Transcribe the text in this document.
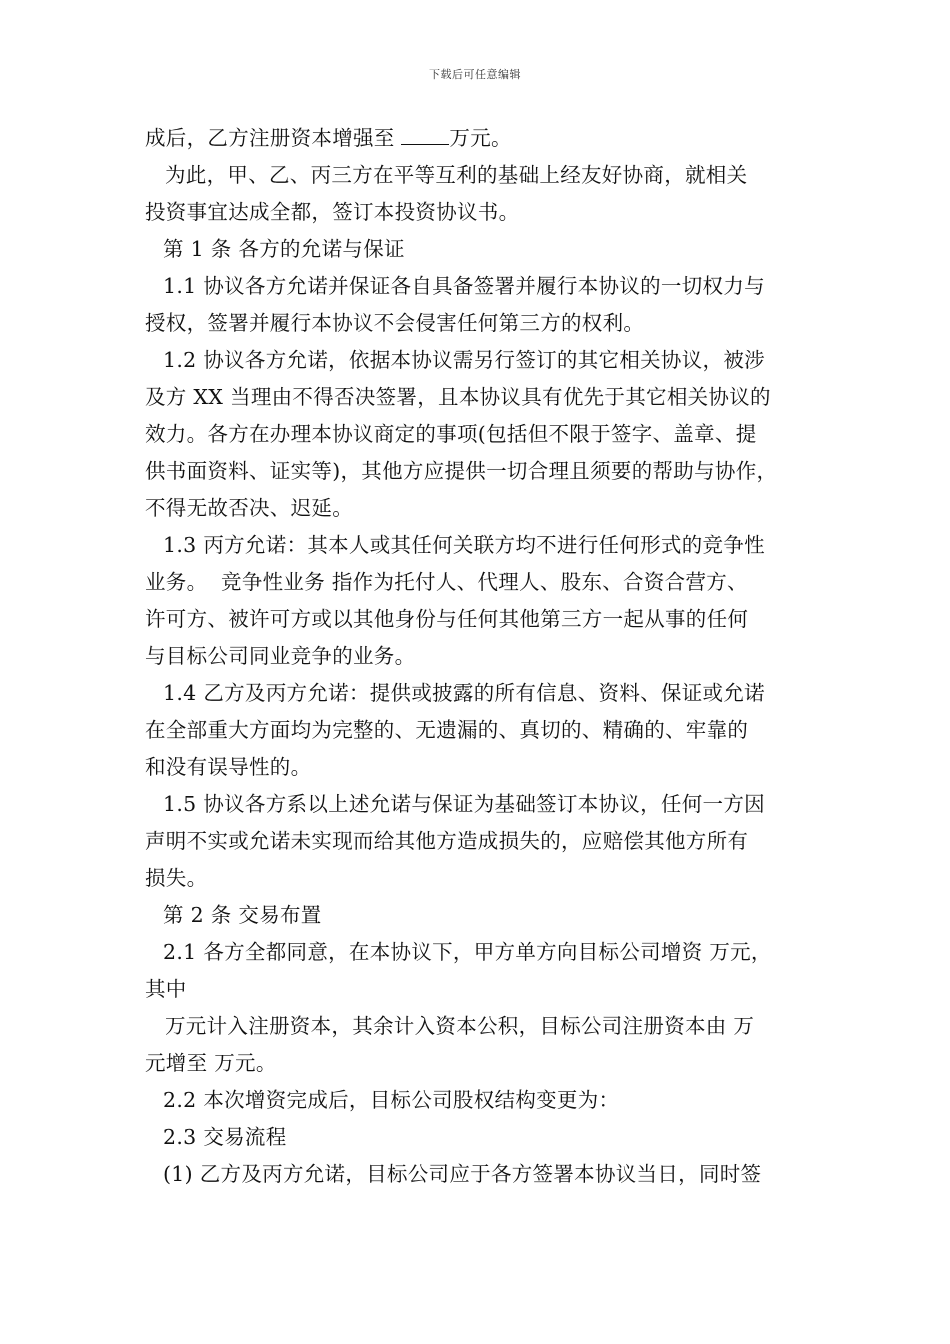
下载后可任意编辑
成后，乙方注册资本增强至 万元。
为此，甲、乙、丙三方在平等互利的基础上经友好协商，就相关
投资事宜达成全都，签订本投资协议书。
第 1 条 各方的允诺与保证
1.1 协议各方允诺并保证各自具备签署并履行本协议的一切权力与
授权，签署并履行本协议不会侵害任何第三方的权利。
1.2 协议各方允诺，依据本协议需另行签订的其它相关协议，被涉
及方 XX 当理由不得否决签署，且本协议具有优先于其它相关协议的
效力。各方在办理本协议商定的事项(包括但不限于签字、盖章、提
供书面资料、证实等)，其他方应提供一切合理且须要的帮助与协作，
不得无故否决、迟延。
1.3 丙方允诺：其本人或其任何关联方均不进行任何形式的竞争性
业务。  竞争性业务 指作为托付人、代理人、股东、合资合营方、
许可方、被许可方或以其他身份与任何其他第三方一起从事的任何
与目标公司同业竞争的业务。
1.4 乙方及丙方允诺：提供或披露的所有信息、资料、保证或允诺
在全部重大方面均为完整的、无遗漏的、真切的、精确的、牢靠的
和没有误导性的。
1.5 协议各方系以上述允诺与保证为基础签订本协议，任何一方因
声明不实或允诺未实现而给其他方造成损失的，应赔偿其他方所有
损失。
第 2 条 交易布置
2.1 各方全都同意，在本协议下，甲方单方向目标公司增资 万元，
其中
万元计入注册资本，其余计入资本公积，目标公司注册资本由 万
元增至 万元。
2.2 本次增资完成后，目标公司股权结构变更为：
2.3 交易流程
(1) 乙方及丙方允诺，目标公司应于各方签署本协议当日，同时签
